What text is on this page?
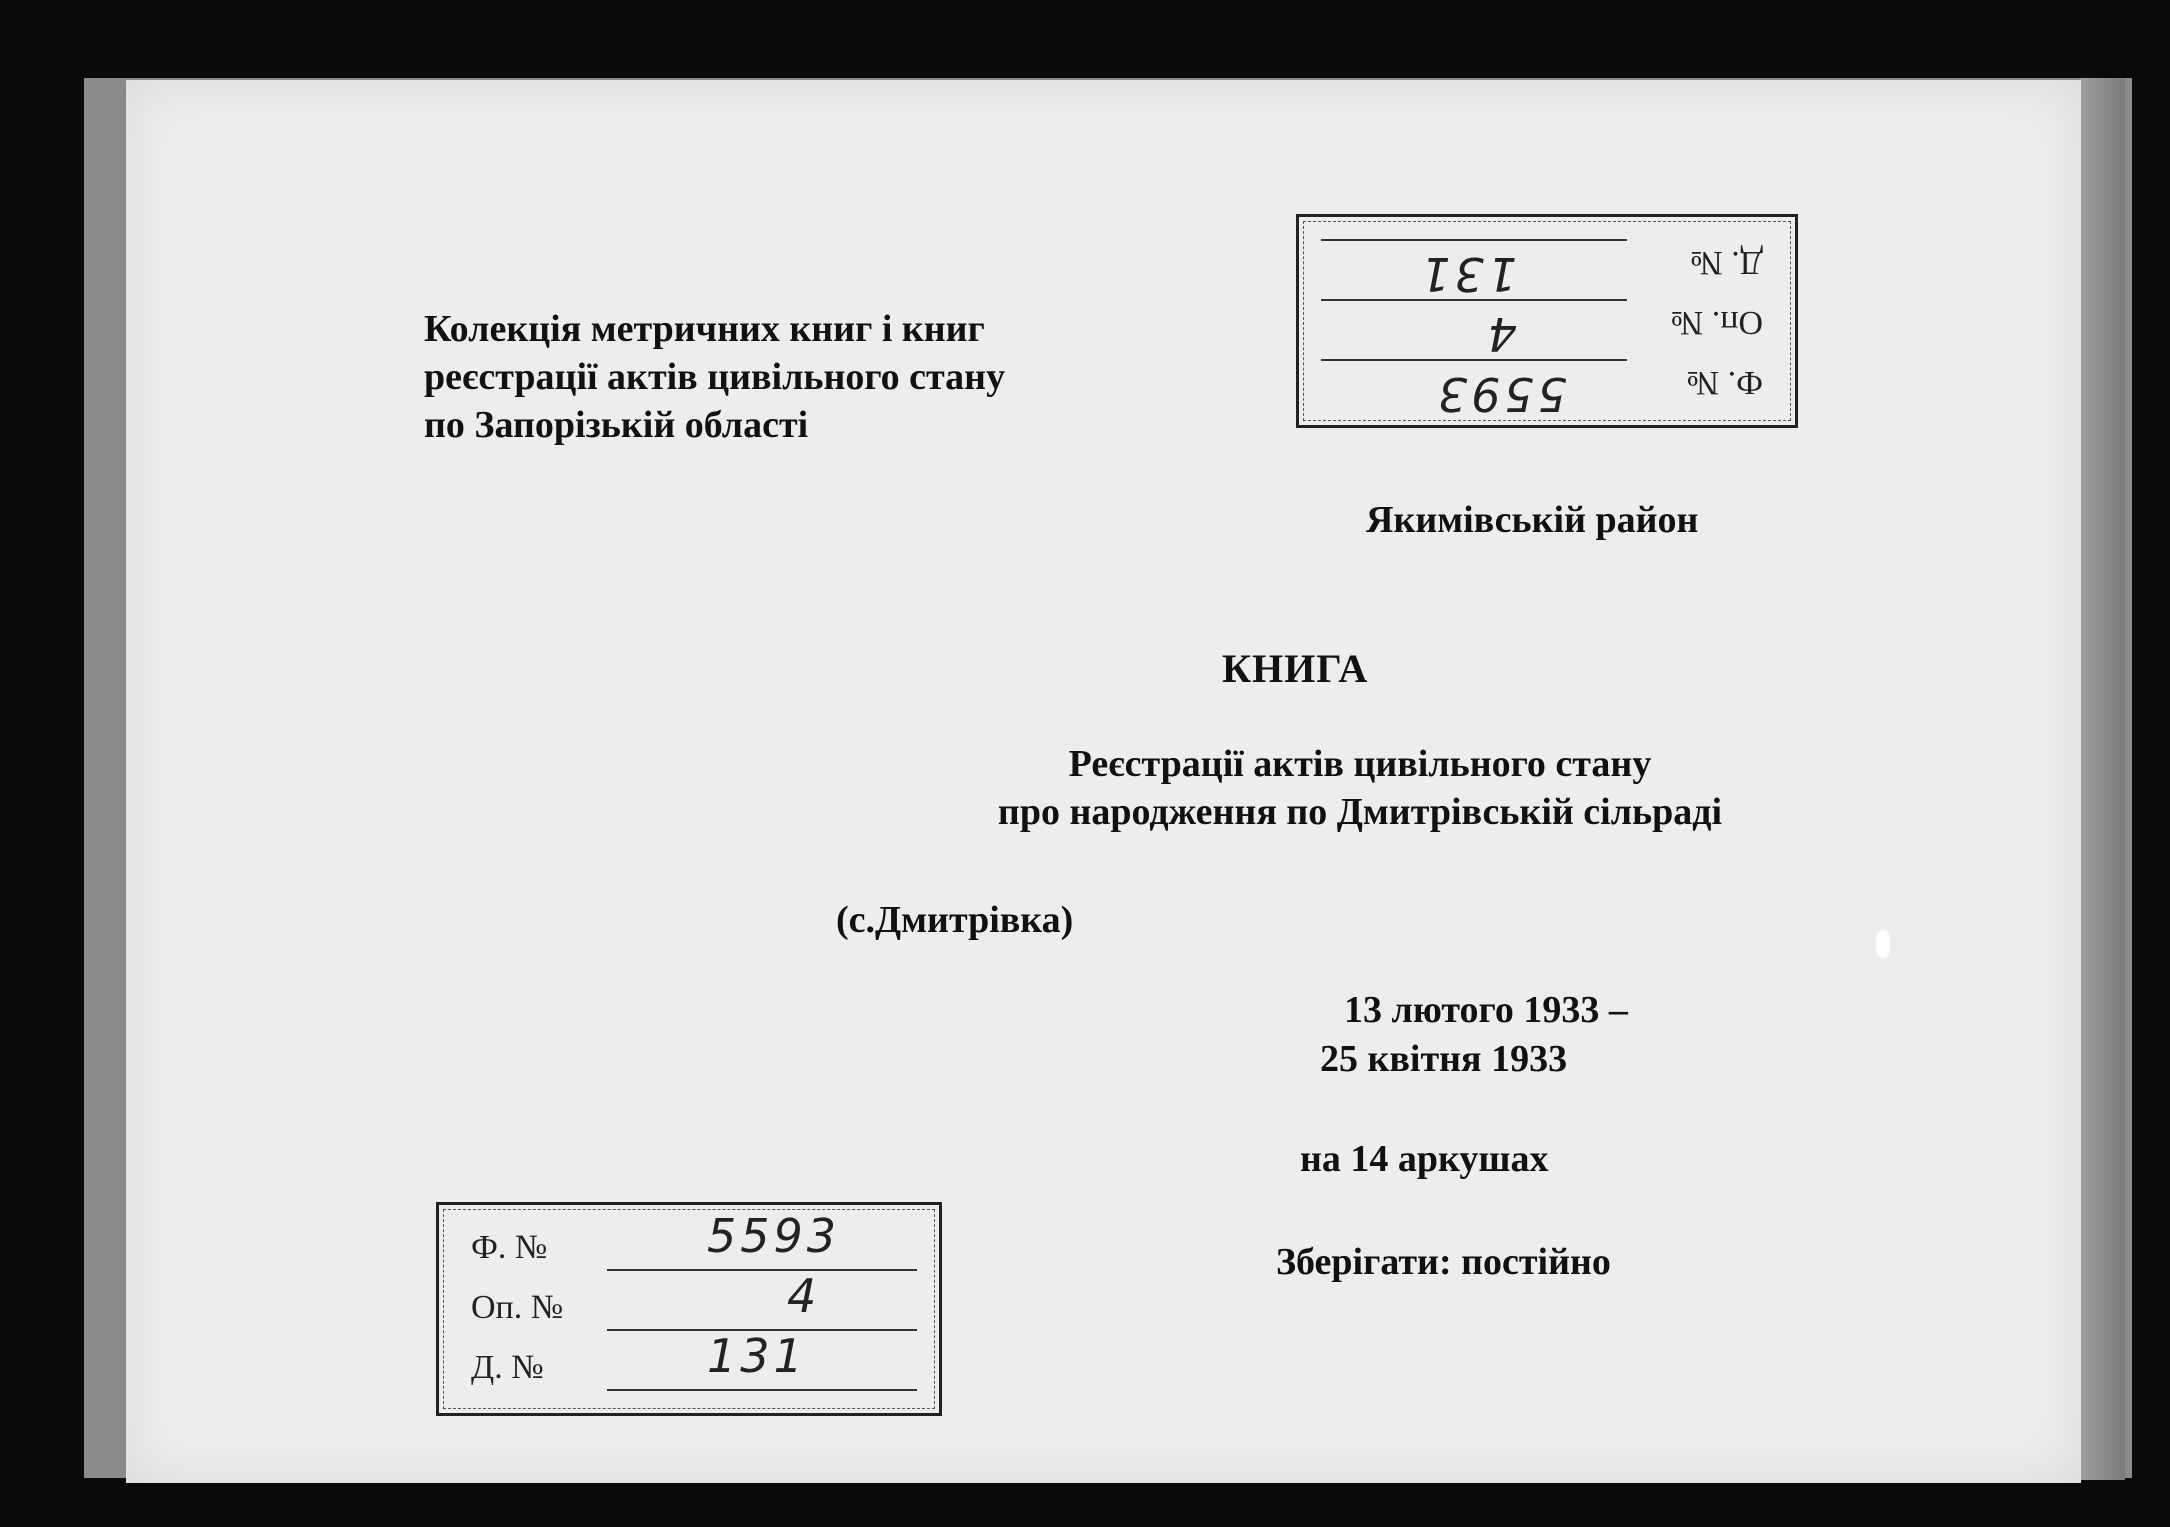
Колекція метричних книг і книг
реєстрації актів цивільного стану
по Запорізькій області
Ф. №
5593
Оп. №
4
Д. №
131
Якимівській район
КНИГА
Реєстрації актів цивільного стану
про народження по Дмитрівській сільраді
(с.Дмитрівка)
13 лютого 1933 –
25 квітня 1933
на 14 аркушах
Зберігати: постійно
Ф. №	5593
Оп. №	4
Д. №	131
